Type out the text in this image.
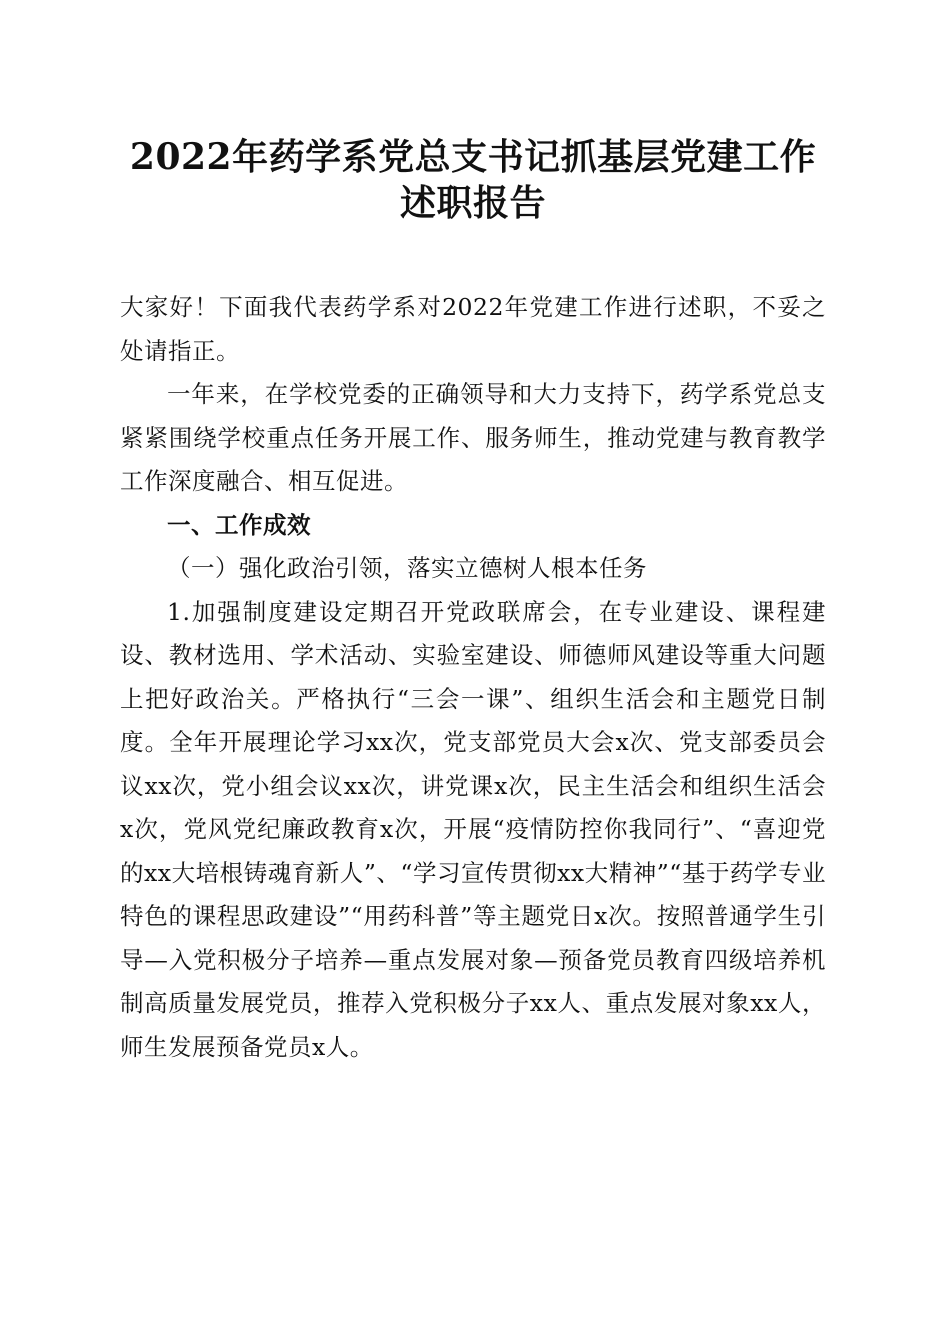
2022年药学系党总支书记抓基层党建工作述职报告

大家好！下面我代表药学系对2022年党建工作进行述职，不妥之处请指正。

一年来，在学校党委的正确领导和大力支持下，药学系党总支紧紧围绕学校重点任务开展工作、服务师生，推动党建与教育教学工作深度融合、相互促进。

一、工作成效

（一）强化政治引领，落实立德树人根本任务

1.加强制度建设定期召开党政联席会，在专业建设、课程建设、教材选用、学术活动、实验室建设、师德师风建设等重大问题上把好政治关。严格执行“三会一课”、组织生活会和主题党日制度。全年开展理论学习xx次，党支部党员大会x次、党支部委员会议xx次，党小组会议xx次，讲党课x次，民主生活会和组织生活会x次，党风党纪廉政教育x次，开展“疫情防控你我同行”、“喜迎党的xx大培根铸魂育新人”、“学习宣传贯彻xx大精神”“基于药学专业特色的课程思政建设”“用药科普”等主题党日x次。按照普通学生引导—入党积极分子培养—重点发展对象—预备党员教育四级培养机制高质量发展党员，推荐入党积极分子xx人、重点发展对象xx人，师生发展预备党员x人。
